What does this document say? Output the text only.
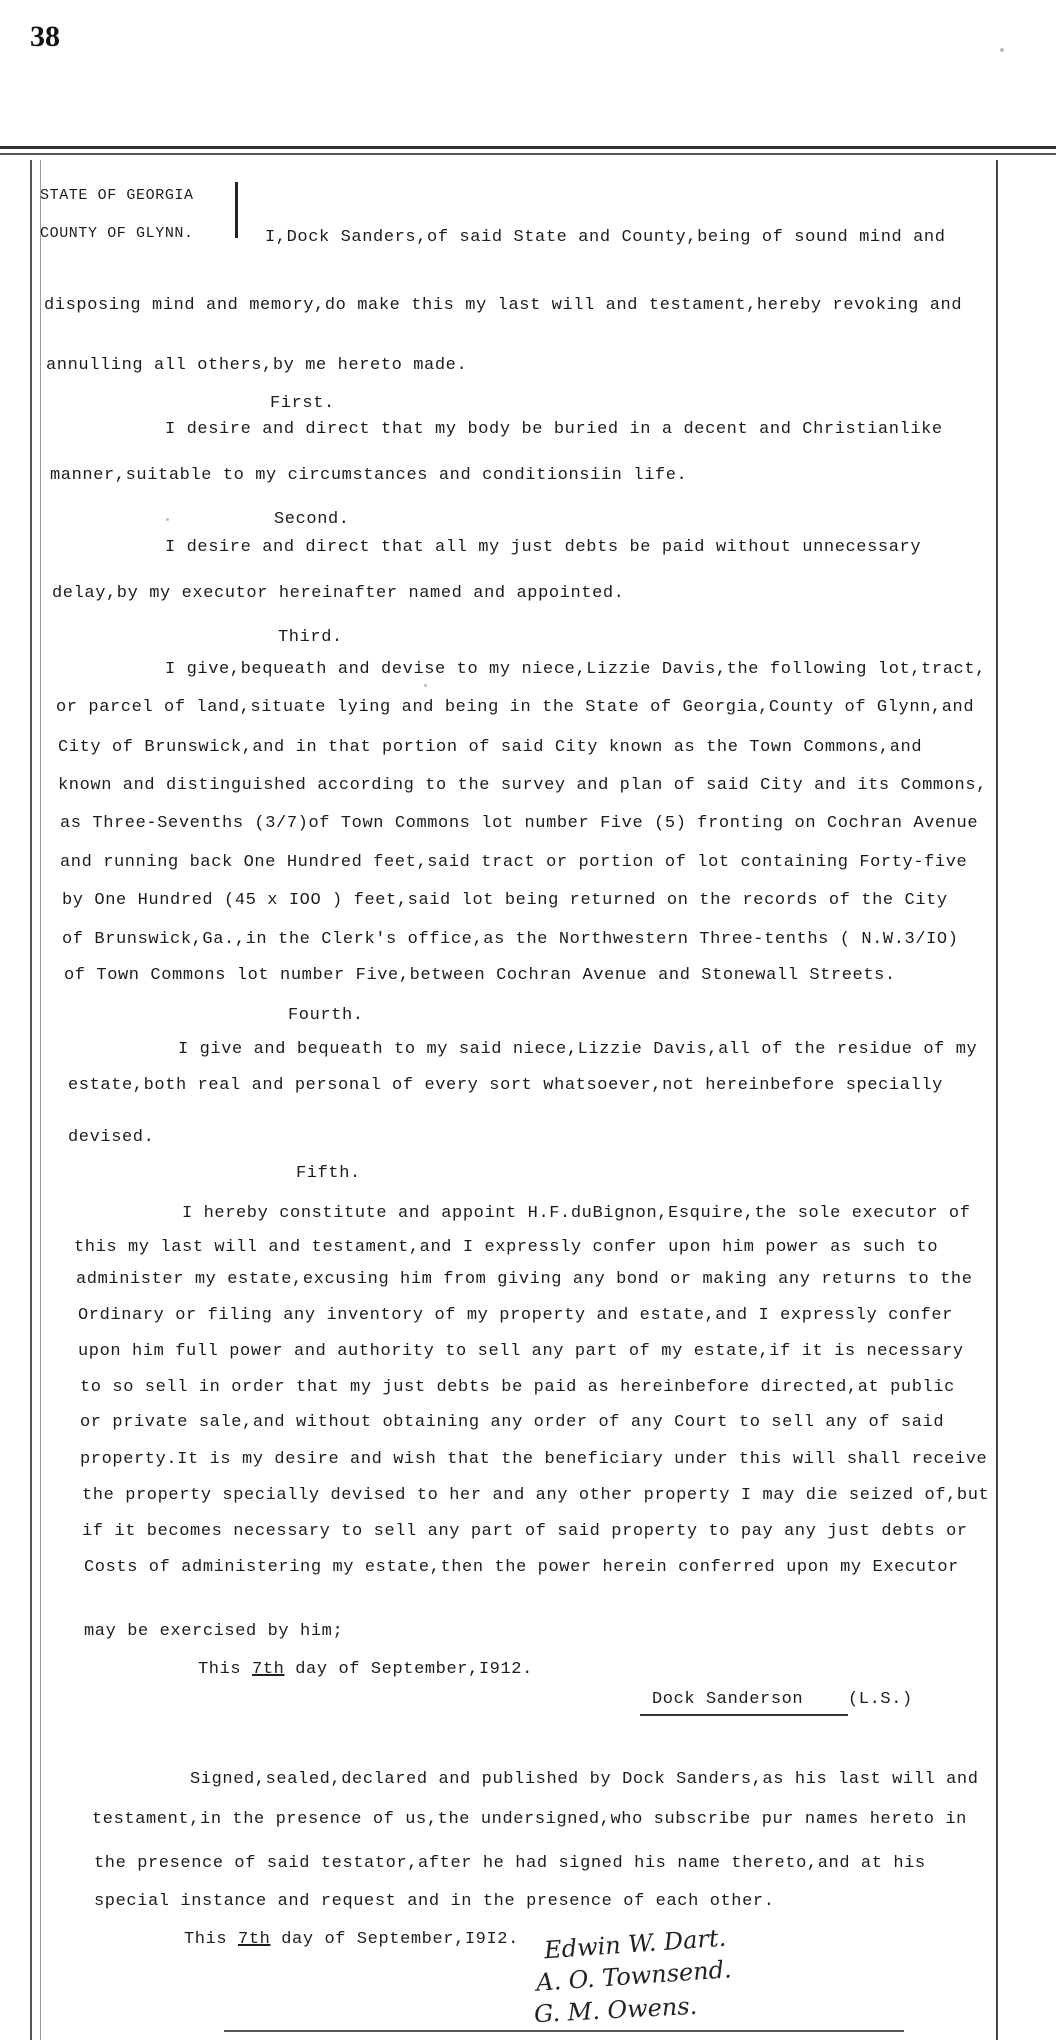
38
STATE OF GEORGIA
COUNTY OF GLYNN.	I,Dock Sanders,of said State and County,being of sound mind and
disposing mind and memory,do make this my last will and testament,hereby revoking and
annulling all others,by me hereto made.
First.
I desire and direct that my body be buried in a decent and Christianlike
manner,suitable to my circumstances and conditionsiin life.
Second.
I desire and direct that all my just debts be paid without unnecessary
delay,by my executor hereinafter named and appointed.
Third.
I give,bequeath and devise to my niece,Lizzie Davis,the following lot,tract,
or parcel of land,situate lying and being in the State of Georgia,County of Glynn,and
City of Brunswick,and in that portion of said City known as the Town Commons,and
known and distinguished according to the survey and plan of said City and its Commons,
as Three-Sevenths (3/7)of Town Commons lot number Five (5) fronting on Cochran Avenue
and running back One Hundred feet,said tract or portion of lot containing Forty-five
by One Hundred (45 x IOO ) feet,said lot being returned on the records of the City
of Brunswick,Ga.,in the Clerk's office,as the Northwestern Three-tenths ( N.W.3/IO)
of Town Commons lot number Five,between Cochran Avenue and Stonewall Streets.
Fourth.
I give and bequeath to my said niece,Lizzie Davis,all of the residue of my
estate,both real and personal of every sort whatsoever,not hereinbefore specially
devised.
Fifth.
I hereby constitute and appoint H.F.duBignon,Esquire,the sole executor of
this my last will and testament,and I expressly confer upon him power as such to
administer my estate,excusing him from giving any bond or making any returns to the
Ordinary or filing any inventory of my property and estate,and I expressly confer
upon him full power and authority to sell any part of my estate,if it is necessary
to so sell in order that my just debts be paid as hereinbefore directed,at public
or private sale,and without obtaining any order of any Court to sell any of said
property.It is my desire and wish that the beneficiary under this will shall receive
the property specially devised to her and any other property I may die seized of,but
if it becomes necessary to sell any part of said property to pay any just debts or
Costs of administering my estate,then the power herein conferred upon my Executor
may be exercised by him;
This 7th day of September,I912.
Dock Sanderson	(L.S.)
Signed,sealed,declared and published by Dock Sanders,as his last will and
testament,in the presence of us,the undersigned,who subscribe pur names hereto in
the presence of said testator,after he had signed his name thereto,and at his
special instance and request and in the presence of each other.
This 7th day of September,I9I2. Edwin W. Dart.
A. O. Townsend.
G. M. Owens.
